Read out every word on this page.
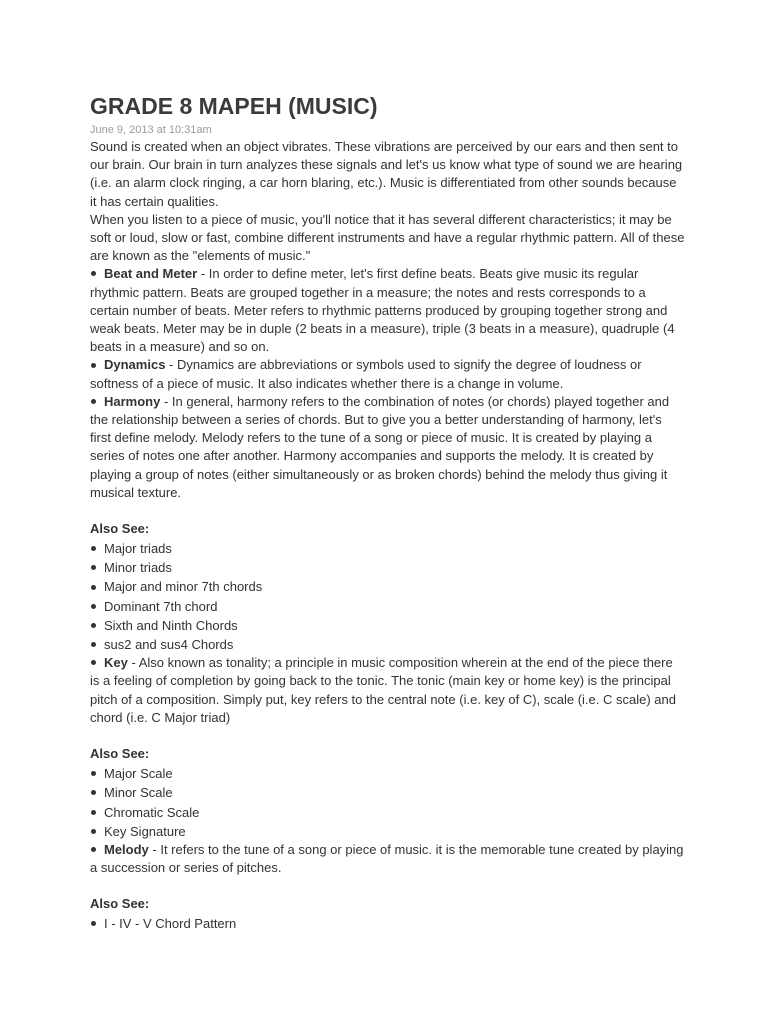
GRADE 8 MAPEH (MUSIC)
June 9, 2013 at 10:31am

Sound is created when an object vibrates. These vibrations are perceived by our ears and then sent to our brain. Our brain in turn analyzes these signals and let's us know what type of sound we are hearing (i.e. an alarm clock ringing, a car horn blaring, etc.). Music is differentiated from other sounds because it has certain qualities.

When you listen to a piece of music, you'll notice that it has several different characteristics; it may be soft or loud, slow or fast, combine different instruments and have a regular rhythmic pattern. All of these are known as the "elements of music."

Beat and Meter - In order to define meter, let's first define beats. Beats give music its regular rhythmic pattern. Beats are grouped together in a measure; the notes and rests corresponds to a certain number of beats. Meter refers to rhythmic patterns produced by grouping together strong and weak beats. Meter may be in duple (2 beats in a measure), triple (3 beats in a measure), quadruple (4 beats in a measure) and so on.

Dynamics - Dynamics are abbreviations or symbols used to signify the degree of loudness or softness of a piece of music. It also indicates whether there is a change in volume.

Harmony - In general, harmony refers to the combination of notes (or chords) played together and the relationship between a series of chords. But to give you a better understanding of harmony, let's first define melody. Melody refers to the tune of a song or piece of music. It is created by playing a series of notes one after another. Harmony accompanies and supports the melody. It is created by playing a group of notes (either simultaneously or as broken chords) behind the melody thus giving it musical texture.

Also See:
Major triads
Minor triads
Major and minor 7th chords
Dominant 7th chord
Sixth and Ninth Chords
sus2 and sus4 Chords

Key - Also known as tonality; a principle in music composition wherein at the end of the piece there is a feeling of completion by going back to the tonic. The tonic (main key or home key) is the principal pitch of a composition. Simply put, key refers to the central note (i.e. key of C), scale (i.e. C scale) and chord (i.e. C Major triad)

Also See:
Major Scale
Minor Scale
Chromatic Scale
Key Signature

Melody - It refers to the tune of a song or piece of music. it is the memorable tune created by playing a succession or series of pitches.

Also See:
I - IV - V Chord Pattern
